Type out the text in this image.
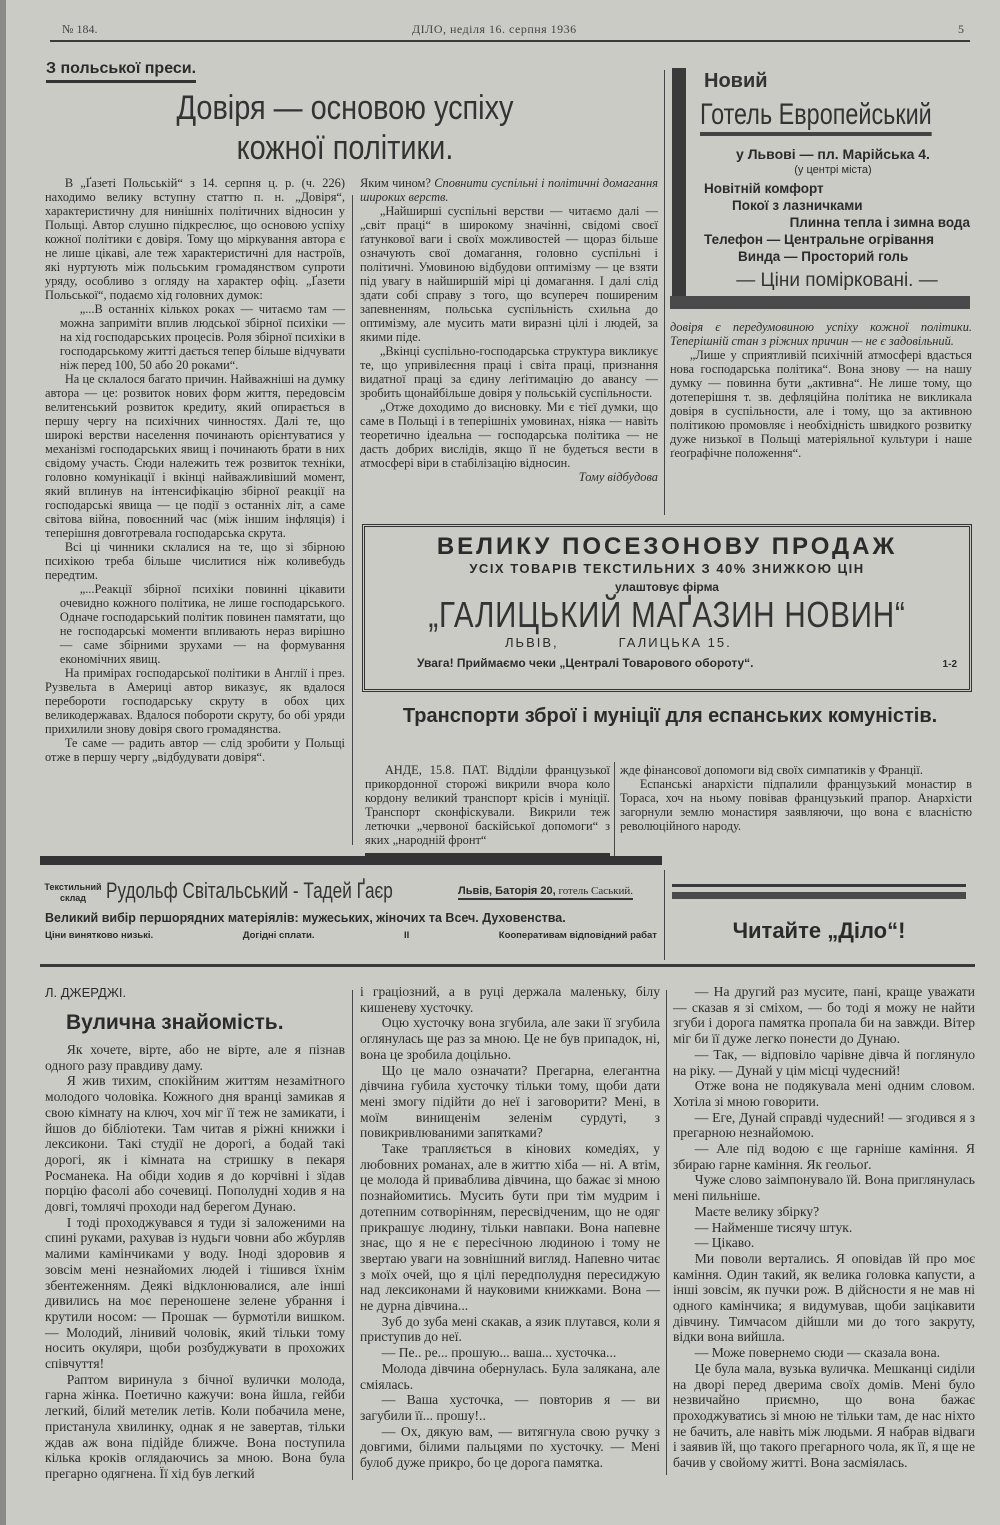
№ 184.	ДІЛО, неділя 16. серпня 1936	5
З польської преси.
Довіря — основою успіху
кожної політики.

В „Ґазеті Польській“ з 14. серпня ц. р. (ч. 226) находимо велику вступну статтю п. н. „Довіря“, характеристичну для нинішніх політичних відносин у Польщі. Автор слушно підкреслює, що основою успіху кожної політики є довіря. Тому що міркування автора є не лише цікаві, але теж характеристичні для настроїв, які нуртують між польським громадянством супроти уряду, особливо з огляду на характер офіц. „Ґазети Польської“, подаємо хід головних думок:

„...В останніх кількох роках — читаємо там — можна заприміти вплив людської збірної психіки — на хід господарських процесів. Роля збірної психіки в господарському житті дається тепер більше відчувати ніж перед 100, 50 або 20 роками“.

На це склалося багато причин. Найважніші на думку автора — це: розвиток нових форм життя, передовсім велитенський розвиток кредиту, який опирається в першу чергу на психічних чинностях. Далі те, що широкі верстви населення починають орієнтуватися у механізмі господарських явищ і починають брати в них свідому участь. Сюди належить теж розвиток техніки, головно комунікації і вкінці найважливіший момент, який вплинув на інтенсифікацію збірної реакції на господарські явища — це події з останніх літ, а саме світова війна, повоєнний час (між іншим інфляція) і теперішня довготревала господарська скрута.

Всі ці чинники склалися на те, що зі збірною психікою треба більше числитися ніж коливебудь передтим.

„...Реакції збірної психіки повинні цікавити очевидно кожного політика, не лише господарського. Одначе господарський політик повинен памятати, що не господарські моменти впливають нераз вирішно — саме збірними зрухами — на формування економічних явищ.

На примірах господарської політики в Англії і през. Рузвельта в Америці автор виказує, як вдалося перебороти господарську скруту в обох цих великодержавах. Вдалося побороти скруту, бо обі уряди прихилили знову довіря свого громадянства.

Те саме — радить автор — слід зробити у Польщі отже в першу чергу „відбудувати довіря“.

Яким чином? Сповнити суспільні і політичні домагання широких верств.

„Найширші суспільні верстви — читаємо далі — „світ праці“ в широкому значінні, свідомі своєї ґатункової ваги і своїх можливостей — щораз більше означують свої домагання, головно суспільні і політичні. Умовиною відбудови оптимізму — це взяти під увагу в найширшій мірі ці домагання. І далі слід здати собі справу з того, що всупереч поширеним запевненням, польська суспільність схильна до оптимізму, але мусить мати виразні цілі і людей, за якими піде.

„Вкінці суспільно-господарська структура викликує те, що упривілеєння праці і світа праці, признання видатної праці за єдину леґітимацію до авансу — зробить щонайбільше довіря у польській суспільности.

„Отже доходимо до висновку. Ми є тієї думки, що саме в Польщі і в теперішніх умовинах, ніяка — навіть теоретично ідеальна — господарська політика — не дасть добрих вислідів, якщо її не будеться вести в атмосфері віри в стабілізацію відносин.

Тому відбудова
Новий
Готель Европейський
у Львові — пл. Марійська 4.
(у центрі міста)
Новітній комфорт
Покої з лазничками
Плинна тепла і зимна вода
Телефон — Центральне огрівання
Винда — Просторий голь
— Ціни помірковані. —

довіря є передумовиною успіху кожної політики. Теперішній стан з ріжних причин — не є задовільний.

„Лише у сприятливій психічній атмосфері вдасться нова господарська політика“. Вона знову — на нашу думку — повинна бути „активна“. Не лише тому, що дотеперішня т. зв. дефляційна політика не викликала довіря в суспільности, але і тому, що за активною політикою промовляє і необхідність швидкого розвитку дуже низької в Польщі матеріяльної культури і наше ґеоґрафічне положення“.

ВЕЛИКУ ПОСЕЗОНОВУ ПРОДАЖ
УСІХ ТОВАРІВ ТЕКСТИЛЬНИХ З 40% ЗНИЖКОЮ ЦІН
улаштовує фірма
„ГАЛИЦЬКИЙ МАҐАЗИН НОВИН“
ЛЬВІВ,	ГАЛИЦЬКА 15.
Увага! Приймаємо чеки „Централі Товарового обороту“.	1-2
Транспорти зброї і муніції для еспанських комуністів.

АНДЕ, 15.8. ПАТ. Відділи французької прикордонної сторожі викрили вчора коло кордону великий транспорт крісів і муніції. Транспорт сконфіскували. Викрили теж летючки „червоної баскійської допомоги“ з яких „народній фронт“

жде фінансової допомоги від своїх симпатиків у Франції.

Еспанські анархісти підпалили французький монастир в Тораса, хоч на ньому повівав французький прапор. Анархісти загорнули землю монастиря заявляючи, що вона є власністю революційного народу.

Текстильний склад Рудольф Світальський - Тадей Ґаєр	Львів, Баторія 20, готель Саський.
Великий вибір першорядних матеріялів: мужеських, жіночих та Всеч. Духовенства.
Ціни винятково низькі.	Догідні сплати.	II	Кооперативам відповідний рабат	Читайте „Діло“!
Л. ДЖЕРДЖІ.
Вулична знайомість.

Як хочете, вірте, або не вірте, але я пізнав одного разу правдиву даму.

Я жив тихим, спокійним життям незамітного молодого чоловіка. Кожного дня вранці замикав я свою кімнату на ключ, хоч міг її теж не замикати, і йшов до бібліотеки. Там читав я ріжні книжки і лексикони. Такі студії не дорогі, а бодай такі дорогі, як і кімната на стришку в пекаря Росманека. На обіди ходив я до корчівні і зїдав порцію фасолі або сочевиці. Пополудні ходив я на довгі, томлячі проходи над берегом Дунаю.

І тоді проходжувався я туди зі заложеними на спині руками, рахував із нудьги човни або жбурляв малими камінчиками у воду. Іноді здоровив я зовсім мені незнайомих людей і тішився їхнім збентеженням. Деякі відклонювалися, але інші дивились на моє переношене зелене убрання і крутили носом: — Прошак — бурмотіли вишком. — Молодий, лінивий чоловік, який тільки тому носить окуляри, щоби розбуджувати в прохожих співчуття!

Раптом виринула з бічної вулички молода, гарна жінка. Поетично кажучи: вона йшла, гейби легкий, білий метелик летів. Коли побачила мене, пристанула хвилинку, однак я не завертав, тільки ждав аж вона підійде ближче. Вона поступила кілька кроків оглядаючись за мною. Вона була прегарно одягнена. Її хід був легкий

і граціозний, а в руці держала маленьку, білу кишеневу хусточку.

Оцю хусточку вона згубила, але заки її згубила оглянулась ще раз за мною. Це не був припадок, ні, вона це зробила доцільно.

Що це мало означати? Прегарна, елегантна дівчина губила хусточку тільки тому, щоби дати мені змогу підійти до неї і заговорити? Мені, в моїм винищенім зеленім сурдуті, з повикривлюваними запятками?

Таке трапляється в кінових комедіях, у любовних романах, але в життю хіба — ні. А втім, це молода й приваблива дівчина, що бажає зі мною познайомитись. Мусить бути при тім мудрим і дотепним сотворінням, пересвідченим, що не одяг прикрашує людину, тільки навпаки. Вона напевне знає, що я не є пересічною людиною і тому не звертаю уваги на зовнішний вигляд. Напевно читає з моїх очей, що я цілі передполудня пересиджую над лексиконами й науковими книжками. Вона — не дурна дівчина...

Зуб до зуба мені скакав, а язик плутався, коли я приступив до неї.

— Пе.. ре... прошую... ваша... хусточка...

Молода дівчина обернулась. Була залякана, але сміялась.

— Ваша хусточка, — повторив я — ви загубили її... прошу!..

— Ох, дякую вам, — витягнула свою ручку з довгими, білими пальцями по хусточку. — Мені булоб дуже прикро, бо це дорога памятка.

— На другий раз мусите, пані, краще уважати — сказав я зі сміхом, — бо тоді я можу не найти згуби і дорога памятка пропала би на завжди. Вітер міг би її дуже легко понести до Дунаю.

— Так, — відповіло чарівне дівча й поглянуло на ріку. — Дунай у цім місці чудесний!

Отже вона не подякувала мені одним словом. Хотіла зі мною говорити.

— Еге, Дунай справді чудесний! — згодився я з прегарною незнайомою.

— Але під водою є ще гарніше каміння. Я збираю гарне каміння. Як геольоґ.

Чуже слово заімпонувало їй. Вона приглянулась мені пильніше.

Маєте велику збірку?

— Найменше тисячу штук.

— Цікаво.

Ми поволи вертались. Я оповідав їй про моє каміння. Один такий, як велика головка капусти, а інші зовсім, як пучки рож. В дійсности я не мав ні одного камінчика; я видумував, щоби зацікавити дівчину. Тимчасом дійшли ми до того закруту, відки вона вийшла.

— Може повернемо сюди — сказала вона.

Це була мала, вузька вуличка. Мешканці сиділи на дворі перед дверима своїх домів. Мені було незвичайно приємно, що вона бажає проходжуватись зі мною не тільки там, де нас ніхто не бачить, але навіть між людьми. Я набрав відваги і заявив їй, що такого прегарного чола, як її, я ще не бачив у свойому житті. Вона засміялась.
